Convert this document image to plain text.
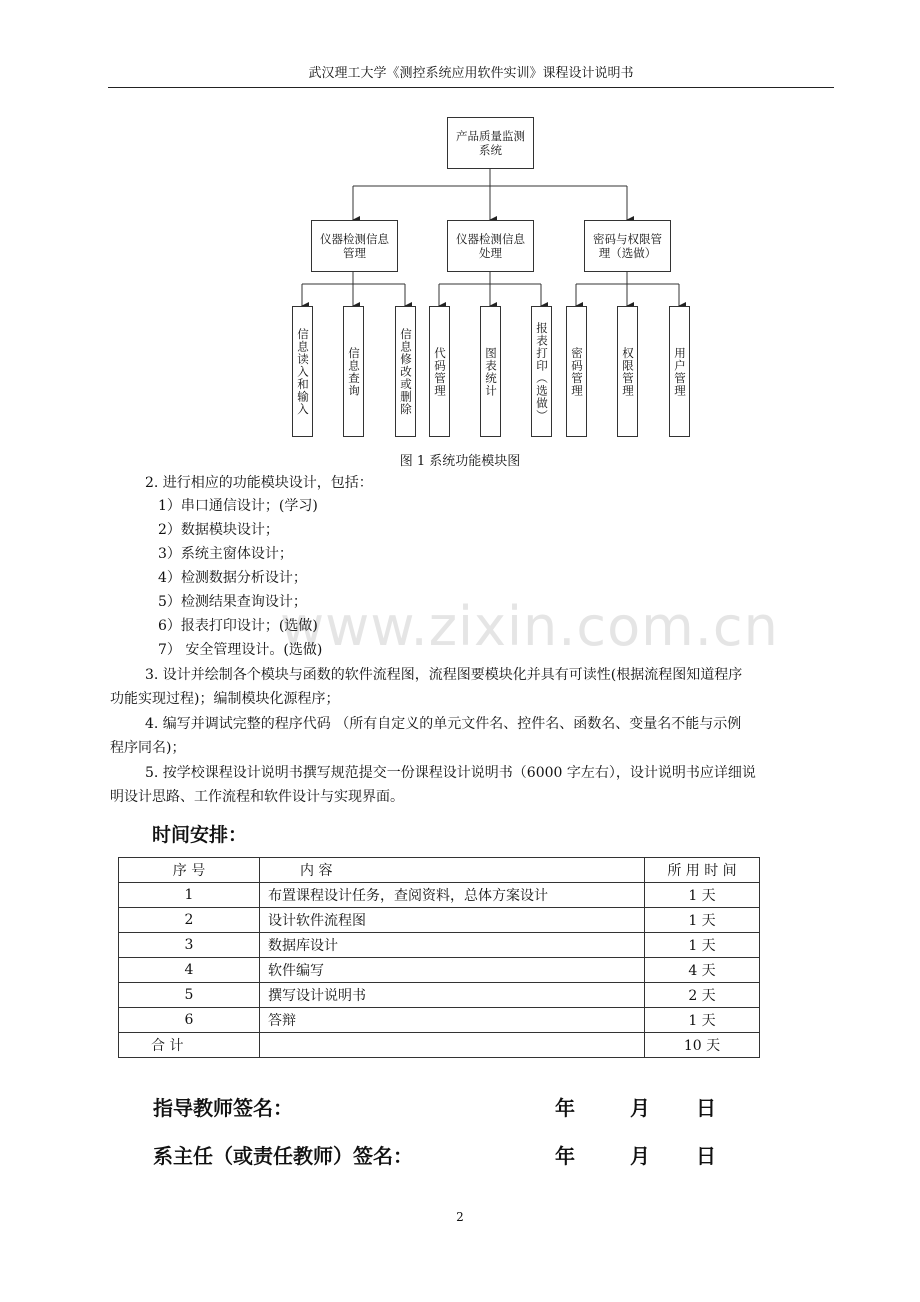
www.zixin.com.cn
武汉理工大学《测控系统应用软件实训》课程设计说明书
产品质量监测
系统
仪器检测信息
管理
仪器检测信息
处理
密码与权限管
理（选做）
信息读入和输入	信息查询	信息修改或删除 代码管理	图表统计	报表打印（选做） 密码管理	权限管理	用户管理
图 1 系统功能模块图
2. 进行相应的功能模块设计，包括：
1）串口通信设计；(学习)
2）数据模块设计；
3）系统主窗体设计；
4）检测数据分析设计；
5）检测结果查询设计；
6）报表打印设计；(选做)
7） 安全管理设计。(选做)
3. 设计并绘制各个模块与函数的软件流程图，流程图要模块化并具有可读性(根据流程图知道程序
功能实现过程)；编制模块化源程序；
4. 编写并调试完整的程序代码 （所有自定义的单元文件名、控件名、函数名、变量名不能与示例
程序同名)；
5. 按学校课程设计说明书撰写规范提交一份课程设计说明书（6000 字左右），设计说明书应详细说
明设计思路、工作流程和软件设计与实现界面。
时间安排：
序 号	内 容	所 用 时 间
1	布置课程设计任务，查阅资料，总体方案设计	1 天
2	设计软件流程图	1 天
3	数据库设计	1 天
4	软件编写	4 天
5	撰写设计说明书	2 天
6	答辩	1 天
合 计		10 天
指导教师签名：	年	月 日
系主任（或责任教师）签名：	年	月 日
2
